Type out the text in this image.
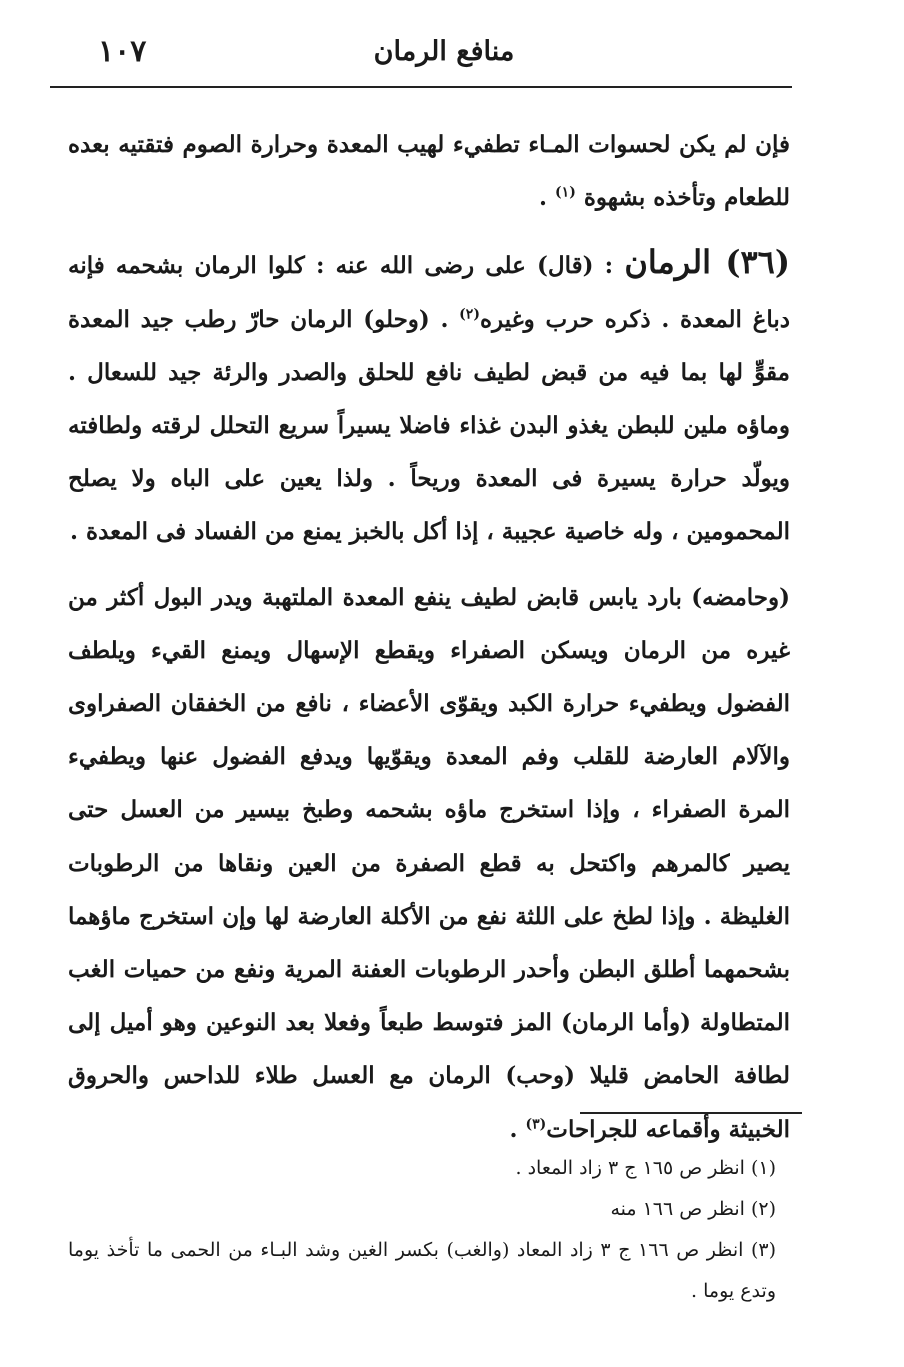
١٠٧	منافع الرمان

فإن لم يكن لحسوات المـاء تطفيء لهيب المعدة وحرارة الصوم فتقتيه بعده للطعام وتأخذه بشهوة $^{(١)}$ .

(٣٦) الرمان : (قال) على رضى الله عنه : كلوا الرمان بشحمه فإنه دباغ المعدة . ذكره حرب وغيره$^{(٢)}$ . (وحلو) الرمان حارّ رطب جيد المعدة مقوٍّ لها بما فيه من قبض لطيف نافع للحلق والصدر والرئة جيد للسعال . وماؤه ملين للبطن يغذو البدن غذاء فاضلا يسيراً سريع التحلل لرقته ولطافته ويولّد حرارة يسيرة فى المعدة وريحاً . ولذا يعين على الباه ولا يصلح المحمومين ، وله خاصية عجيبة ، إذا أكل بالخبز يمنع من الفساد فى المعدة .

(وحامضه) بارد يابس قابض لطيف ينفع المعدة الملتهبة ويدر البول أكثر من غيره من الرمان ويسكن الصفراء ويقطع الإسهال ويمنع القيء ويلطف الفضول ويطفيء حرارة الكبد ويقوّى الأعضاء ، نافع من الخفقان الصفراوى والآلام العارضة للقلب وفم المعدة ويقوّيها ويدفع الفضول عنها ويطفيء المرة الصفراء ، وإذا استخرج ماؤه بشحمه وطبخ بيسير من العسل حتى يصير كالمرهم واكتحل به قطع الصفرة من العين ونقاها من الرطوبات الغليظة . وإذا لطخ على اللثة نفع من الأكلة العارضة لها وإن استخرج ماؤهما بشحمهما أطلق البطن وأحدر الرطوبات العفنة المرية ونفع من حميات الغب المتطاولة (وأما الرمان) المز فتوسط طبعاً وفعلا بعد النوعين وهو أميل إلى لطافة الحامض قليلا (وحب) الرمان مع العسل طلاء للداحس والحروق الخبيثة وأقماعه للجراحات$^{(٣)}$ .

(١) انظر ص ١٦٥ ج ٣ زاد المعاد .

(٢) انظر ص ١٦٦ منه

(٣) انظر ص ١٦٦ ج ٣ زاد المعاد (والغب) بكسر الغين وشد البـاء من الحمى ما تأخذ يوما وتدع يوما .
